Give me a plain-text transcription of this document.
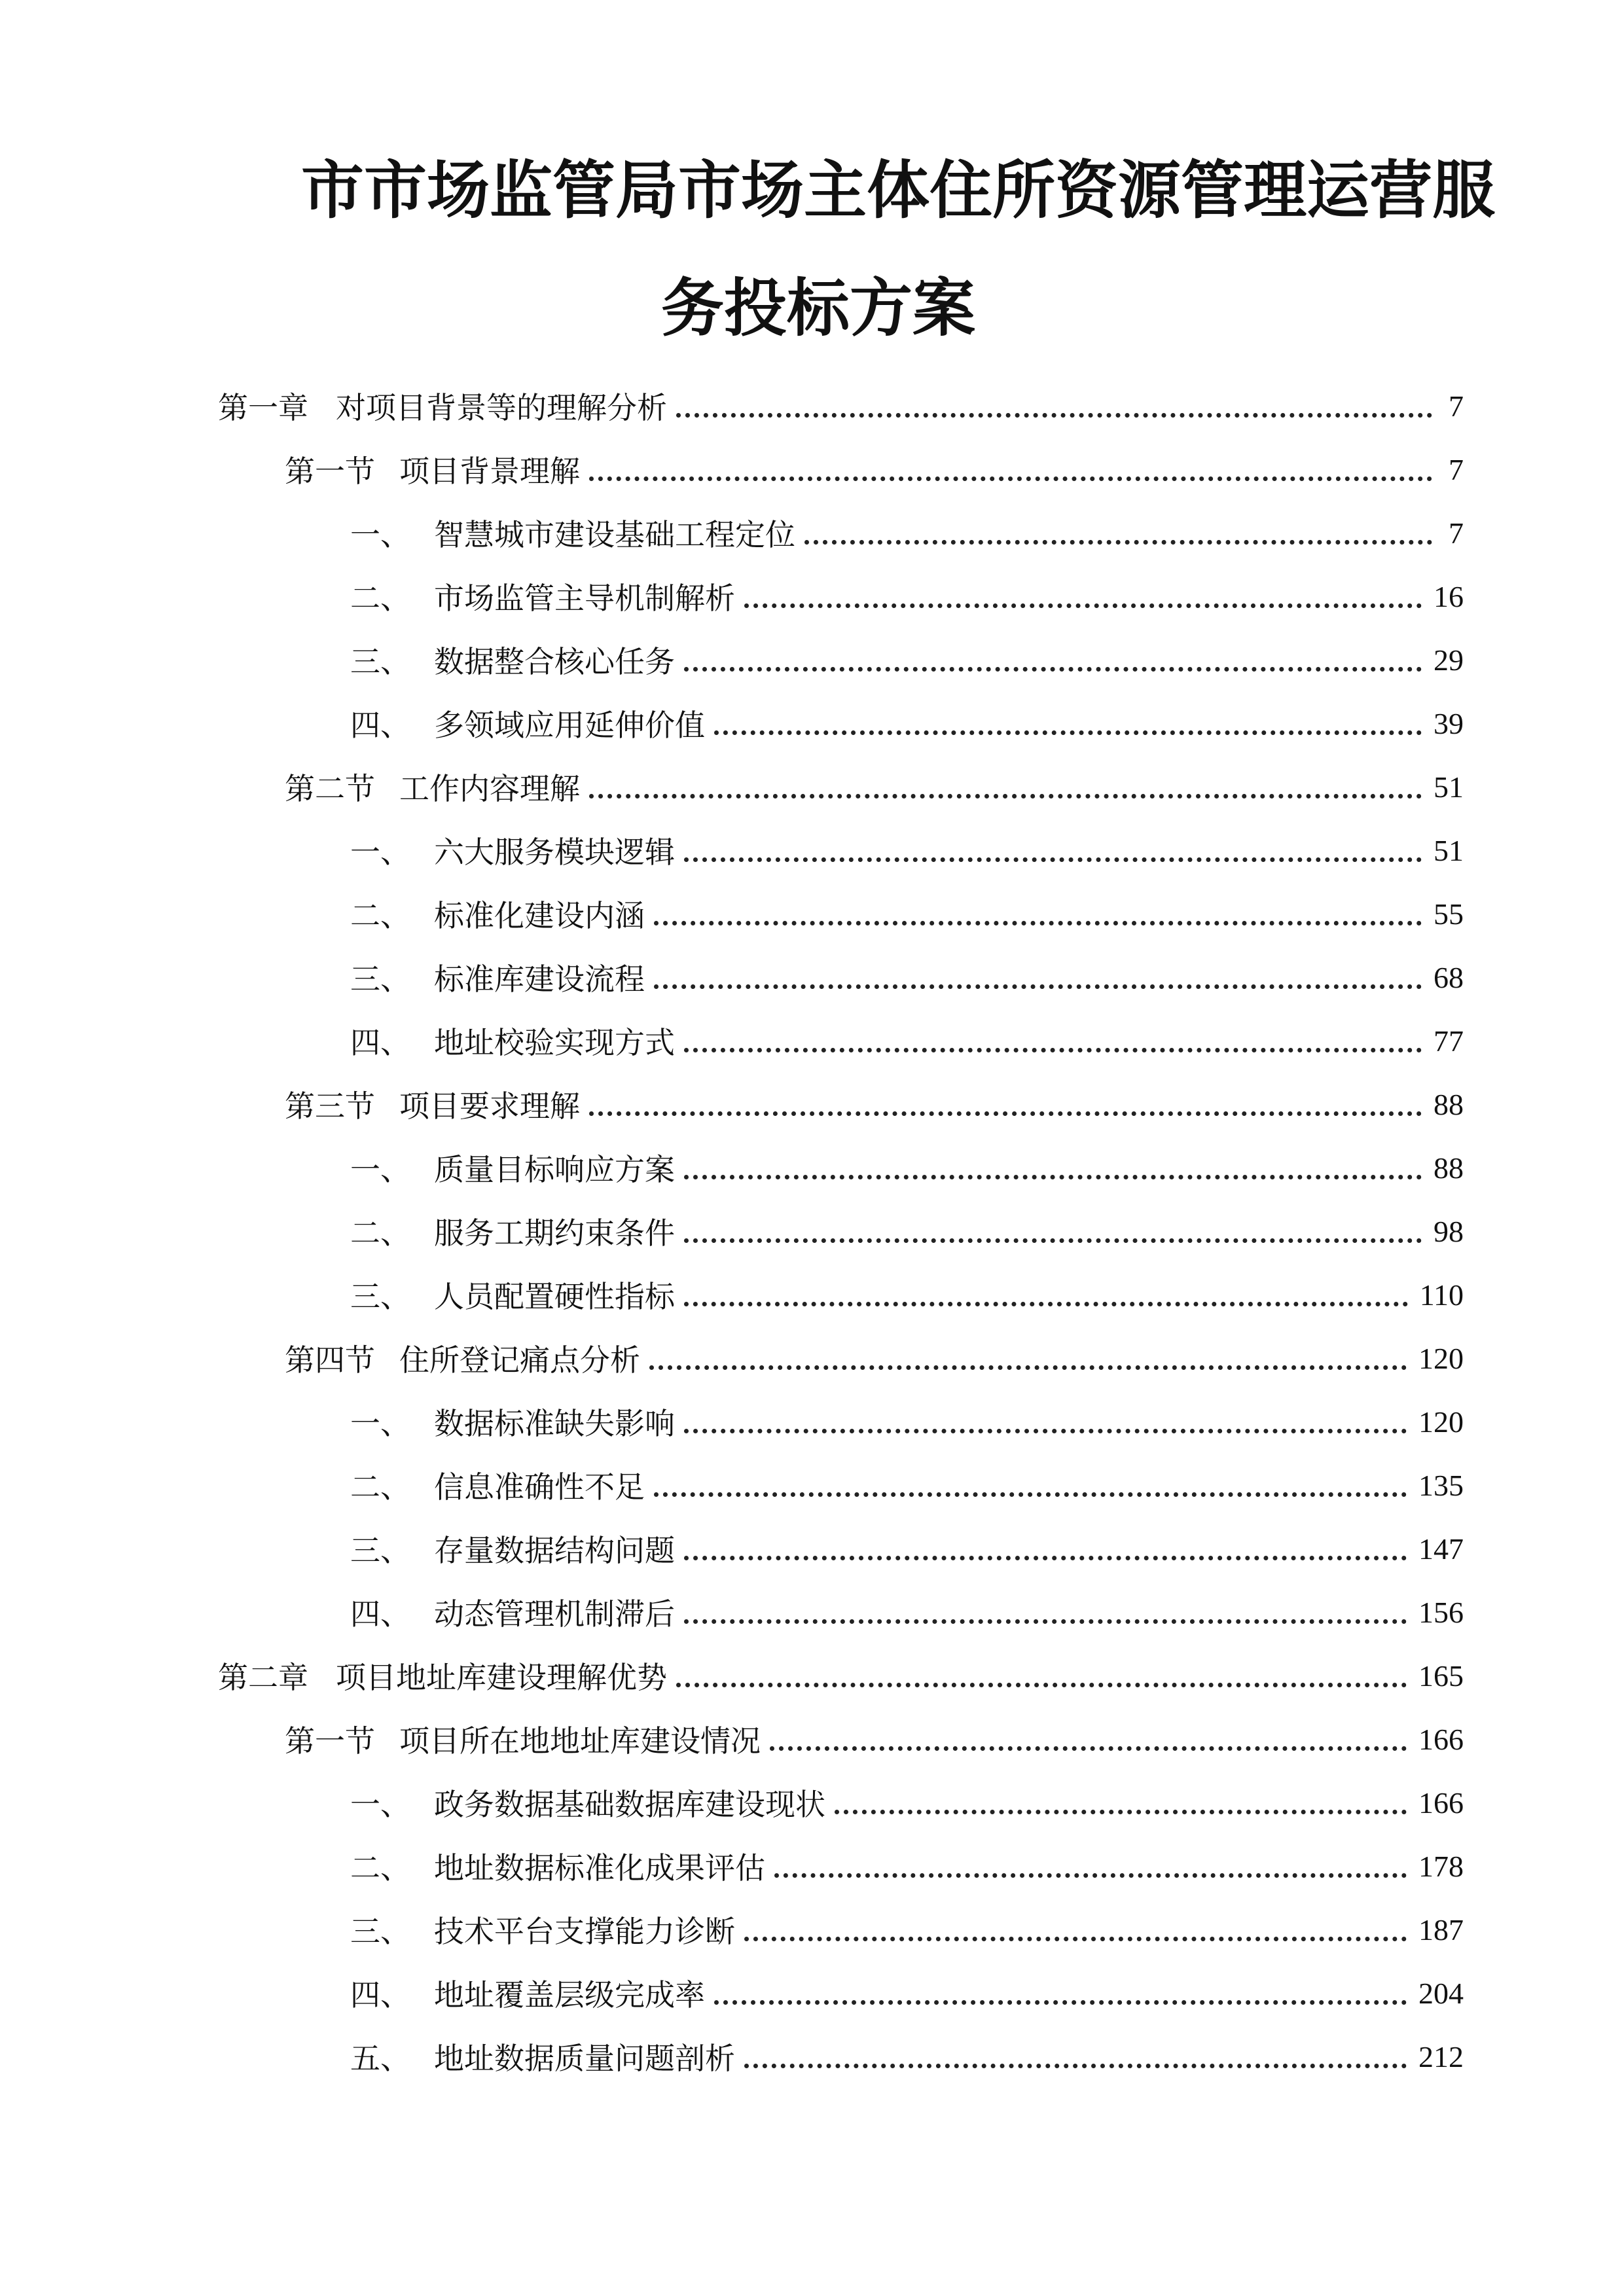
市市场监管局市场主体住所资源管理运营服
务投标方案
第一章 对项目背景等的理解分析	7
第一节 项目背景理解	7
一、 智慧城市建设基础工程定位	7
二、 市场监管主导机制解析	16
三、 数据整合核心任务	29
四、 多领域应用延伸价值	39
第二节 工作内容理解	51
一、 六大服务模块逻辑	51
二、 标准化建设内涵	55
三、 标准库建设流程	68
四、 地址校验实现方式	77
第三节 项目要求理解	88
一、 质量目标响应方案	88
二、 服务工期约束条件	98
三、 人员配置硬性指标	110
第四节 住所登记痛点分析	120
一、 数据标准缺失影响	120
二、 信息准确性不足	135
三、 存量数据结构问题	147
四、 动态管理机制滞后	156
第二章 项目地址库建设理解优势	165
第一节 项目所在地地址库建设情况	166
一、 政务数据基础数据库建设现状	166
二、 地址数据标准化成果评估	178
三、 技术平台支撑能力诊断	187
四、 地址覆盖层级完成率	204
五、 地址数据质量问题剖析	212
